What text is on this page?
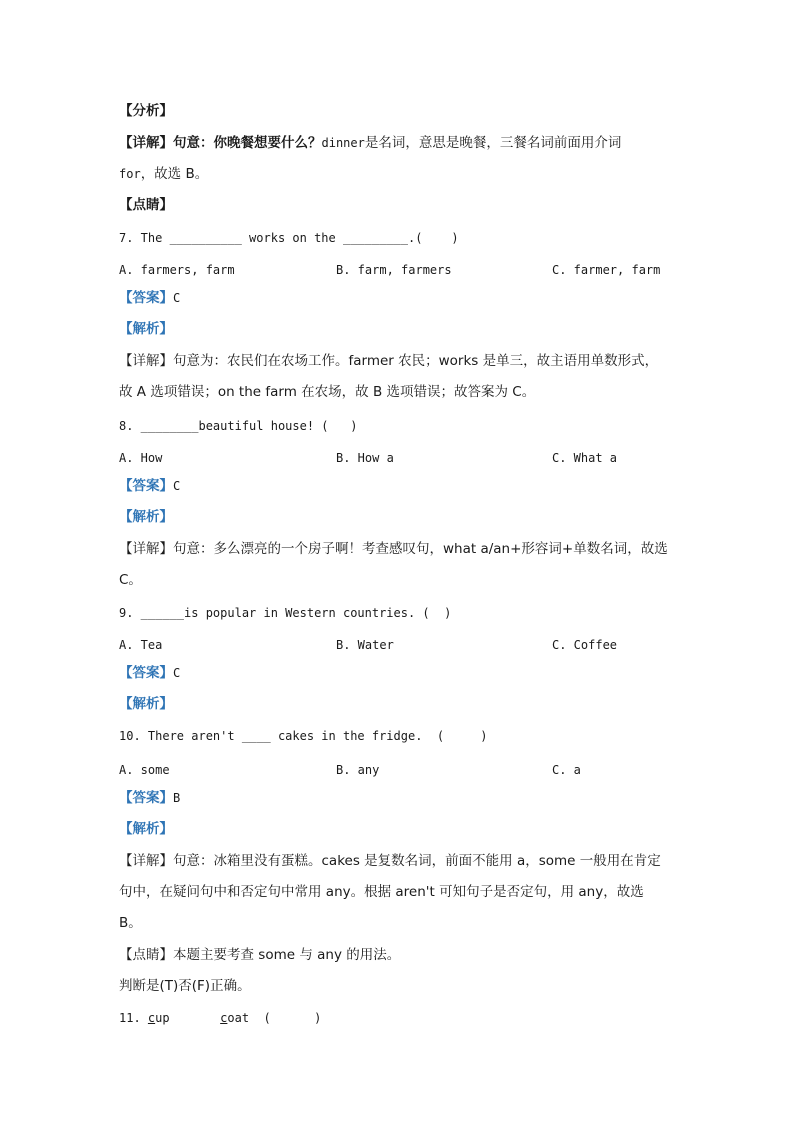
【分析】
【详解】句意：你晚餐想要什么？dinner是名词，意思是晚餐，三餐名词前面用介词
for，故选 B。
【点睛】
7. The __________ works on the _________.(    )
A. farmers, farm	B. farm, farmers	C. farmer, farm
【答案】C
【解析】
【详解】句意为：农民们在农场工作。farmer 农民；works 是单三，故主语用单数形式，
故 A 选项错误；on the farm 在农场，故 B 选项错误；故答案为 C。
8. ________beautiful house! (   )
A. How	B. How a	C. What a
【答案】C
【解析】
【详解】句意：多么漂亮的一个房子啊！考查感叹句，what a/an+形容词+单数名词，故选
C。
9. ______is popular in Western countries. (  )
A. Tea	B. Water	C. Coffee
【答案】C
【解析】
10. There aren't ____ cakes in the fridge.  (     )
A. some	B. any	C. a
【答案】B
【解析】
【详解】句意：冰箱里没有蛋糕。cakes 是复数名词，前面不能用 a，some 一般用在肯定
句中，在疑问句中和否定句中常用 any。根据 aren't 可知句子是否定句，用 any，故选
B。
【点睛】本题主要考查 some 与 any 的用法。
判断是(T)否(F)正确。
11. cup	coat  (      )
